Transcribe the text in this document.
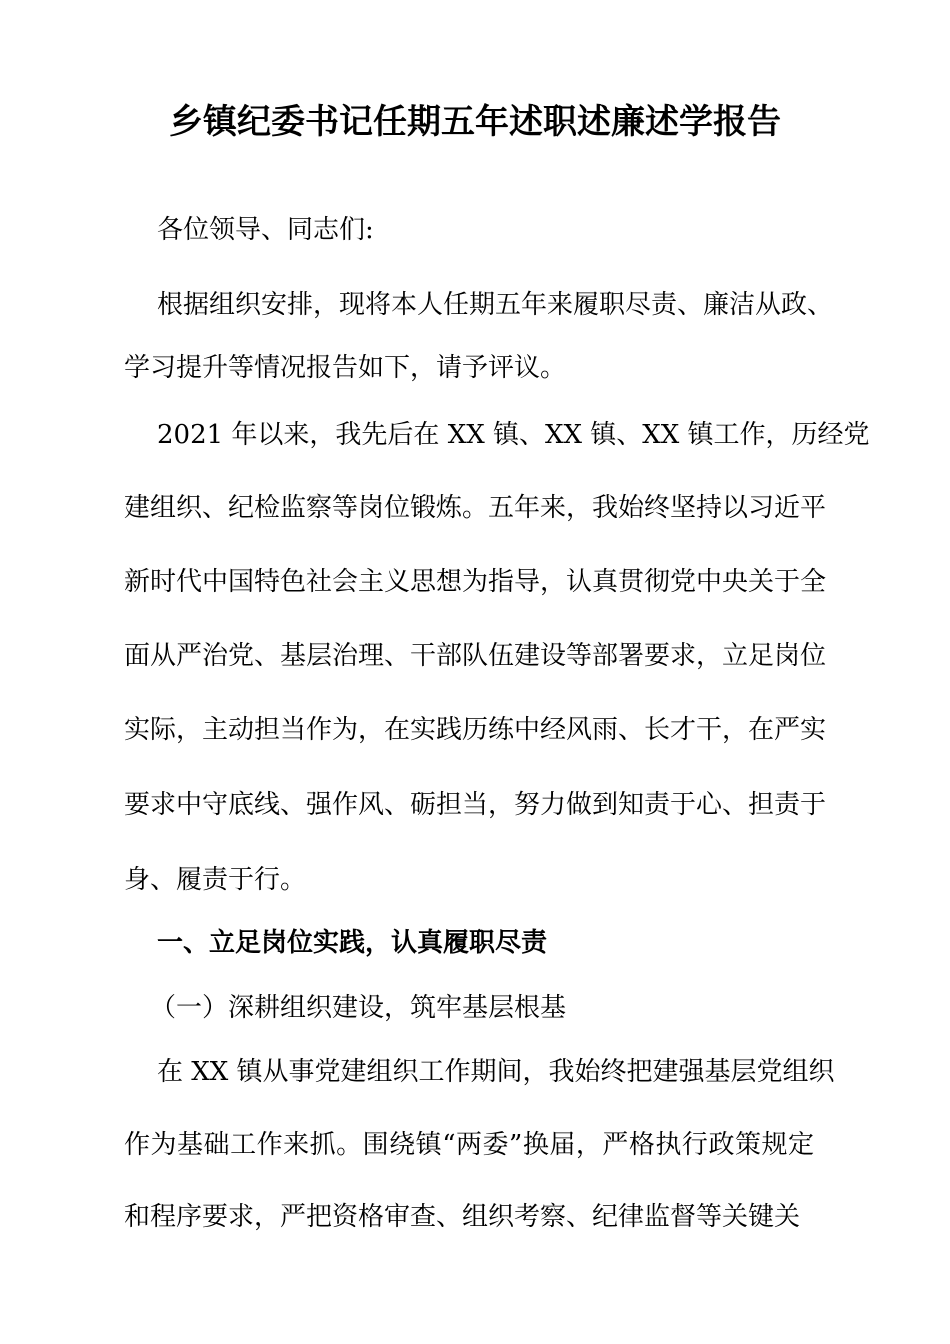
乡镇纪委书记任期五年述职述廉述学报告
各位领导、同志们:
根据组织安排，现将本人任期五年来履职尽责、廉洁从政、
学习提升等情况报告如下，请予评议。
2021 年以来，我先后在 XX 镇、XX 镇、XX 镇工作，历经党
建组织、纪检监察等岗位锻炼。五年来，我始终坚持以习近平
新时代中国特色社会主义思想为指导，认真贯彻党中央关于全
面从严治党、基层治理、干部队伍建设等部署要求，立足岗位
实际，主动担当作为，在实践历练中经风雨、长才干，在严实
要求中守底线、强作风、砺担当，努力做到知责于心、担责于
身、履责于行。
一、立足岗位实践，认真履职尽责
（一）深耕组织建设，筑牢基层根基
在 XX 镇从事党建组织工作期间，我始终把建强基层党组织
作为基础工作来抓。围绕镇“两委”换届，严格执行政策规定
和程序要求，严把资格审查、组织考察、纪律监督等关键关
